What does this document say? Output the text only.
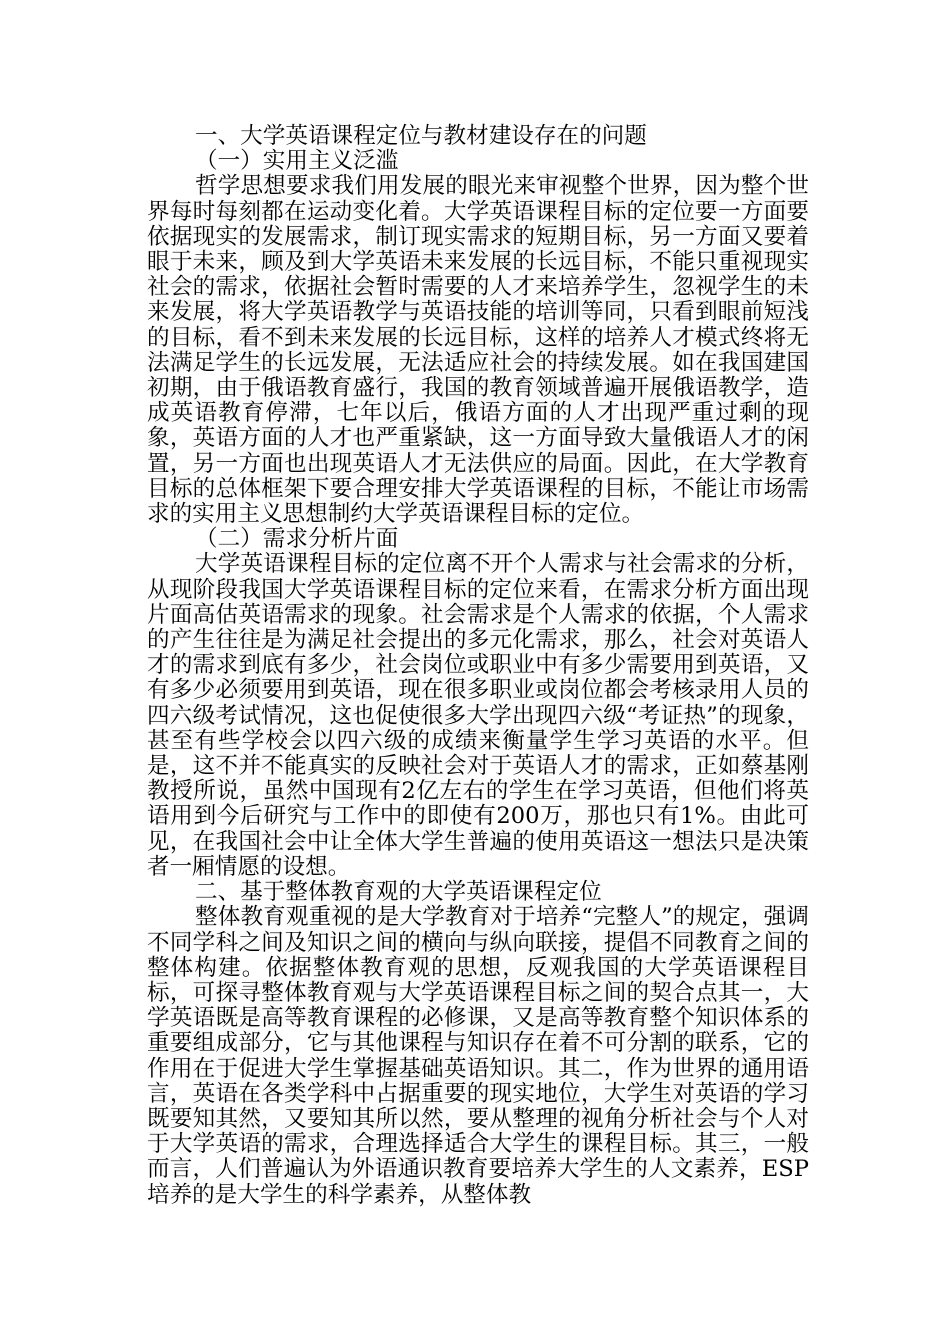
一、大学英语课程定位与教材建设存在的问题

（一）实用主义泛滥

哲学思想要求我们用发展的眼光来审视整个世界，因为整个世界每时每刻都在运动变化着。大学英语课程目标的定位要一方面要依据现实的发展需求，制订现实需求的短期目标，另一方面又要着眼于未来，顾及到大学英语未来发展的长远目标，不能只重视现实社会的需求，依据社会暂时需要的人才来培养学生，忽视学生的未来发展，将大学英语教学与英语技能的培训等同，只看到眼前短浅的目标，看不到未来发展的长远目标，这样的培养人才模式终将无法满足学生的长远发展，无法适应社会的持续发展。如在我国建国初期，由于俄语教育盛行，我国的教育领域普遍开展俄语教学，造成英语教育停滞，七年以后，俄语方面的人才出现严重过剩的现象，英语方面的人才也严重紧缺，这一方面导致大量俄语人才的闲置，另一方面也出现英语人才无法供应的局面。因此，在大学教育目标的总体框架下要合理安排大学英语课程的目标，不能让市场需求的实用主义思想制约大学英语课程目标的定位。

（二）需求分析片面

大学英语课程目标的定位离不开个人需求与社会需求的分析，从现阶段我国大学英语课程目标的定位来看，在需求分析方面出现片面高估英语需求的现象。社会需求是个人需求的依据，个人需求的产生往往是为满足社会提出的多元化需求，那么，社会对英语人才的需求到底有多少，社会岗位或职业中有多少需要用到英语，又有多少必须要用到英语，现在很多职业或岗位都会考核录用人员的四六级考试情况，这也促使很多大学出现四六级“考证热”的现象，甚至有些学校会以四六级的成绩来衡量学生学习英语的水平。但是，这不并不能真实的反映社会对于英语人才的需求，正如蔡基刚教授所说，虽然中国现有2亿左右的学生在学习英语，但他们将英语用到今后研究与工作中的即使有200万，那也只有1%。由此可见，在我国社会中让全体大学生普遍的使用英语这一想法只是决策者一厢情愿的设想。

二、基于整体教育观的大学英语课程定位

整体教育观重视的是大学教育对于培养“完整人”的规定，强调不同学科之间及知识之间的横向与纵向联接，提倡不同教育之间的整体构建。依据整体教育观的思想，反观我国的大学英语课程目标，可探寻整体教育观与大学英语课程目标之间的契合点其一，大学英语既是高等教育课程的必修课，又是高等教育整个知识体系的重要组成部分，它与其他课程与知识存在着不可分割的联系，它的作用在于促进大学生掌握基础英语知识。其二，作为世界的通用语言，英语在各类学科中占据重要的现实地位，大学生对英语的学习既要知其然，又要知其所以然，要从整理的视角分析社会与个人对于大学英语的需求，合理选择适合大学生的课程目标。其三，一般而言，人们普遍认为外语通识教育要培养大学生的人文素养，ESP培养的是大学生的科学素养，从整体教
